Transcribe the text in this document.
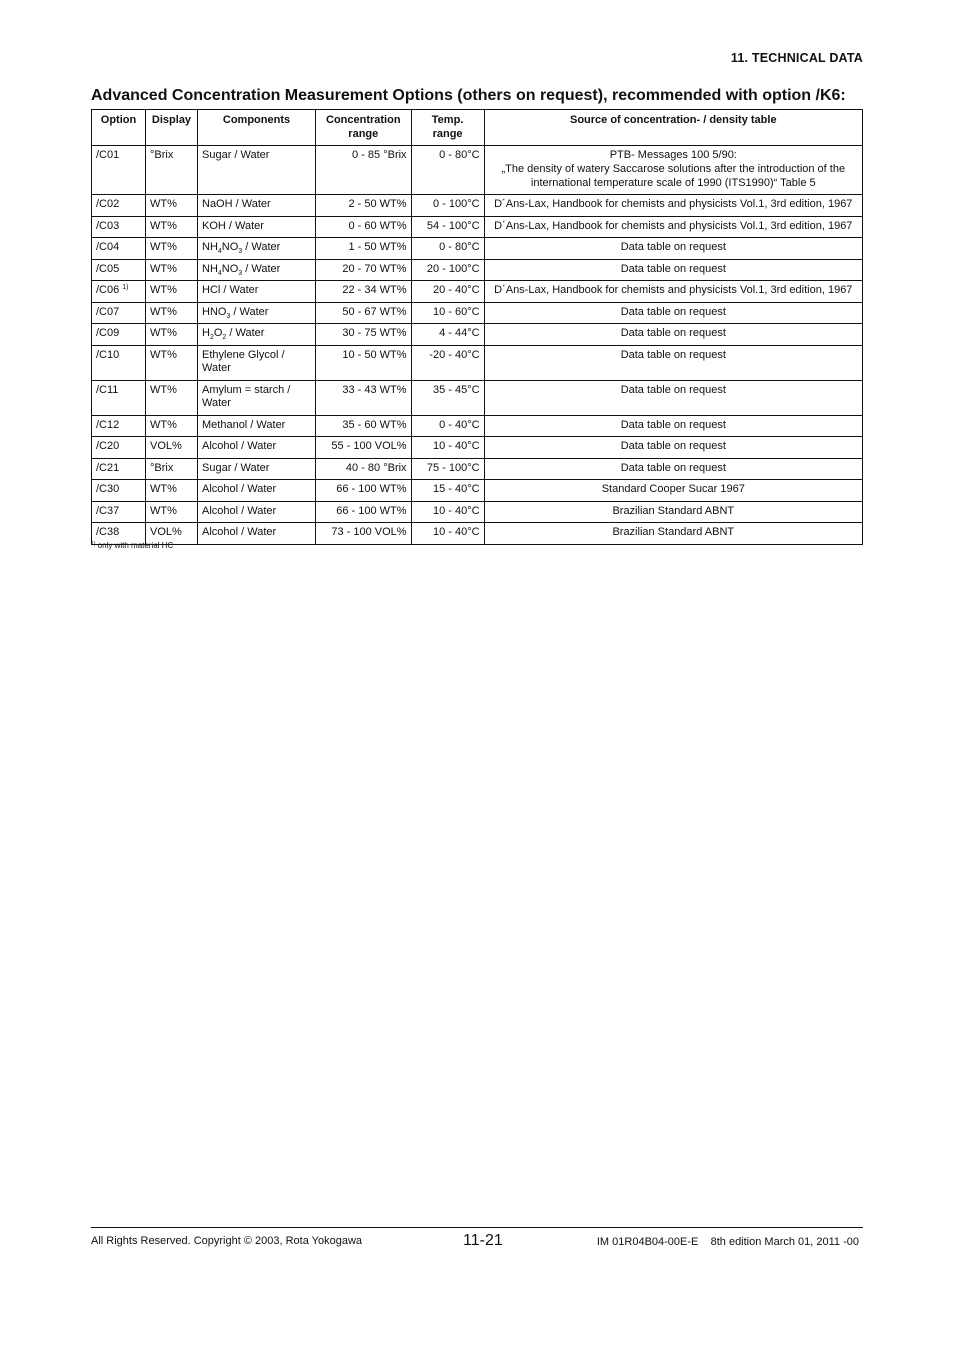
11. TECHNICAL DATA
Advanced Concentration Measurement Options (others on request), recommended with option /K6:
Option	Display	Components	Concentration range	Temp. range	Source of concentration- / density table
/C01	°Brix	Sugar / Water	0 - 85 °Brix	0 - 80°C	PTB- Messages 100 5/90:
„The density of watery Saccarose solutions after the introduction of the
international temperature scale of 1990 (ITS1990)“ Table 5

/C02	WT%	NaOH / Water	2 - 50 WT%	0 - 100°C	D´Ans-Lax, Handbook for chemists and physicists Vol.1, 3rd edition, 1967

/C03	WT%	KOH / Water	0 - 60 WT%	54 - 100°C	D´Ans-Lax, Handbook for chemists and physicists Vol.1, 3rd edition, 1967

/C04	WT%	$NH_4NO_3$ / Water	1 - 50 WT%	0 - 80°C	Data table on request

/C05	WT%	$NH_4NO_3$ / Water	20 - 70 WT%	20 - 100°C	Data table on request

/C06 $^{1)}$	WT%	HCl / Water	22 - 34 WT%	20 - 40°C	D´Ans-Lax, Handbook for chemists and physicists Vol.1, 3rd edition, 1967

/C07	WT%	$HNO_3$ / Water	50 - 67 WT%	10 - 60°C	Data table on request

/C09	WT%	$H_2O_2$ / Water	30 - 75 WT%	4 - 44°C	Data table on request

/C10	WT%	Ethylene Glycol /
Water	10 - 50 WT%	-20 - 40°C	Data table on request

/C11	WT%	Amylum = starch /
Water	33 - 43 WT%	35 - 45°C	Data table on request

/C12	WT%	Methanol / Water	35 - 60 WT%	0 - 40°C	Data table on request

/C20	VOL%	Alcohol / Water	55 - 100 VOL%	10 - 40°C	Data table on request

/C21	°Brix	Sugar / Water	40 - 80 °Brix	75 - 100°C	Data table on request

/C30	WT%	Alcohol / Water	66 - 100 WT%	15 - 40°C	Standard Cooper Sucar 1967

/C37	WT%	Alcohol / Water	66 - 100 WT%	10 - 40°C	Brazilian Standard ABNT

/C38	VOL%	Alcohol / Water	73 - 100 VOL%	10 - 40°C	Brazilian Standard ABNT
$^{1)}$ only with material HC
All Rights Reserved. Copyright © 2003, Rota Yokogawa	11-21	IM 01R04B04-00E-E    8th edition March 01, 2011 -00
